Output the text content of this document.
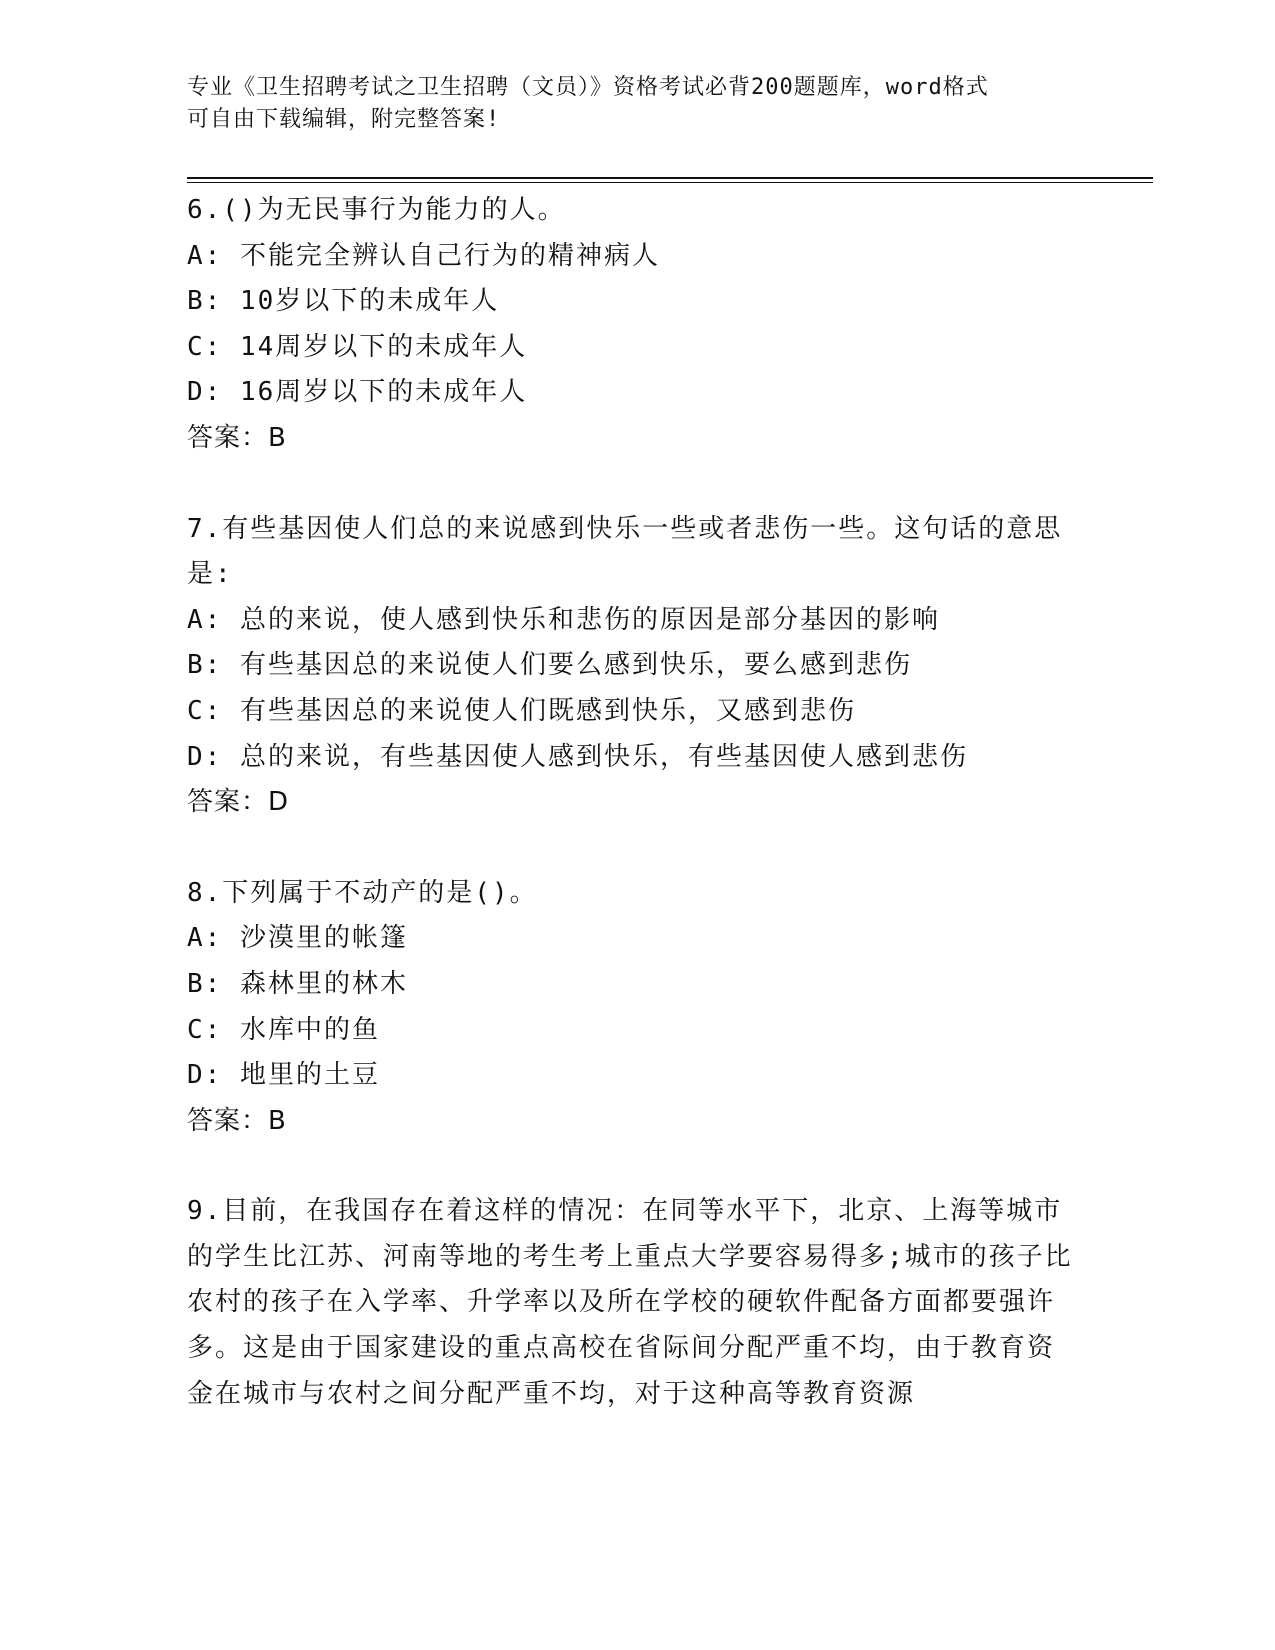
专业《卫生招聘考试之卫生招聘（文员）》资格考试必背200题题库，word格式
可自由下载编辑，附完整答案!
6.()为无民事行为能力的人。
A: 不能完全辨认自己行为的精神病人
B: 10岁以下的未成年人
C: 14周岁以下的未成年人
D: 16周岁以下的未成年人
答案：B
7.有些基因使人们总的来说感到快乐一些或者悲伤一些。这句话的意思是:
A: 总的来说，使人感到快乐和悲伤的原因是部分基因的影响
B: 有些基因总的来说使人们要么感到快乐，要么感到悲伤
C: 有些基因总的来说使人们既感到快乐，又感到悲伤
D: 总的来说，有些基因使人感到快乐，有些基因使人感到悲伤
答案：D
8.下列属于不动产的是()。
A: 沙漠里的帐篷
B: 森林里的林木
C: 水库中的鱼
D: 地里的土豆
答案：B
9.目前，在我国存在着这样的情况：在同等水平下，北京、上海等城市的学生比江苏、河南等地的考生考上重点大学要容易得多;城市的孩子比农村的孩子在入学率、升学率以及所在学校的硬软件配备方面都要强许多。这是由于国家建设的重点高校在省际间分配严重不均，由于教育资金在城市与农村之间分配严重不均，对于这种高等教育资源
